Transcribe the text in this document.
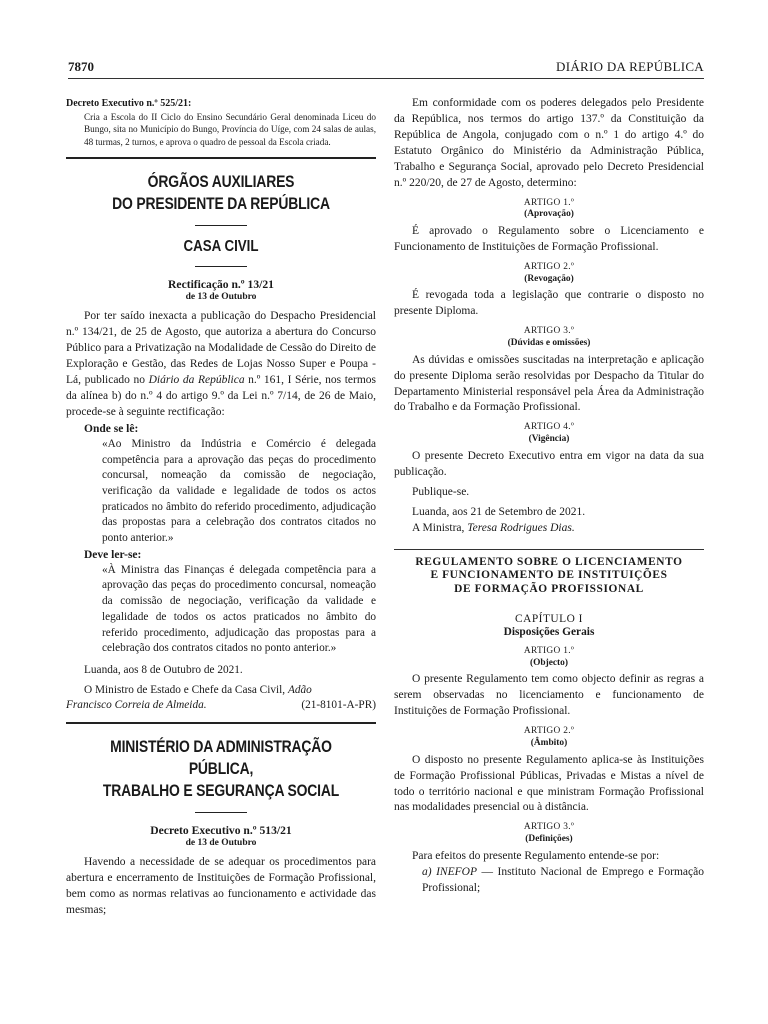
7870	DIÁRIO DA REPÚBLICA

Decreto Executivo n.º 525/21:

Cria a Escola do II Ciclo do Ensino Secundário Geral denominada Liceu do Bungo, sita no Município do Bungo, Província do Uíge, com 24 salas de aulas, 48 turmas, 2 turnos, e aprova o quadro de pessoal da Escola criada.

ÓRGÃOS AUXILIARES
DO PRESIDENTE DA REPÚBLICA
CASA CIVIL

Rectificação n.º 13/21

de 13 de Outubro

Por ter saído inexacta a publicação do Despacho Presidencial n.º 134/21, de 25 de Agosto, que autoriza a abertura do Concurso Público para a Privatização na Modalidade de Cessão do Direito de Exploração e Gestão, das Redes de Lojas Nosso Super e Poupa - Lá, publicado no Diário da República n.º 161, I Série, nos termos da alínea b) do n.º 4 do artigo 9.º da Lei n.º 7/14, de 26 de Maio, procede-se à seguinte rectificação:

Onde se lê:

«Ao Ministro da Indústria e Comércio é delegada competência para a aprovação das peças do procedimento concursal, nomeação da comissão de negociação, verificação da validade e legalidade de todos os actos praticados no âmbito do referido procedimento, adjudicação das propostas para a celebração dos contratos citados no ponto anterior.»

Deve ler-se:

«À Ministra das Finanças é delegada competência para a aprovação das peças do procedimento concursal, nomeação da comissão de negociação, verificação da validade e legalidade de todos os actos praticados no âmbito do referido procedimento, adjudicação das propostas para a celebração dos contratos citados no ponto anterior.»

Luanda, aos 8 de Outubro de 2021.

O Ministro de Estado e Chefe da Casa Civil, Adão

Francisco Correia de Almeida.	(21-8101-A-PR)
MINISTÉRIO DA ADMINISTRAÇÃO PÚBLICA,
TRABALHO E SEGURANÇA SOCIAL

Decreto Executivo n.º 513/21

de 13 de Outubro

Havendo a necessidade de se adequar os procedimentos para abertura e encerramento de Instituições de Formação Profissional, bem como as normas relativas ao funcionamento e actividade das mesmas;

Em conformidade com os poderes delegados pelo Presidente da República, nos termos do artigo 137.º da Constituição da República de Angola, conjugado com o n.º 1 do artigo 4.º do Estatuto Orgânico do Ministério da Administração Pública, Trabalho e Segurança Social, aprovado pelo Decreto Presidencial n.º 220/20, de 27 de Agosto, determino:

ARTIGO 1.º

(Aprovação)

É aprovado o Regulamento sobre o Licenciamento e Funcionamento de Instituições de Formação Profissional.

ARTIGO 2.º

(Revogação)

É revogada toda a legislação que contrarie o disposto no presente Diploma.

ARTIGO 3.º

(Dúvidas e omissões)

As dúvidas e omissões suscitadas na interpretação e aplicação do presente Diploma serão resolvidas por Despacho da Titular do Departamento Ministerial responsável pela Área da Administração do Trabalho e da Formação Profissional.

ARTIGO 4.º

(Vigência)

O presente Decreto Executivo entra em vigor na data da sua publicação.

Publique-se.

Luanda, aos 21 de Setembro de 2021.

A Ministra, Teresa Rodrigues Dias.

REGULAMENTO SOBRE O LICENCIAMENTO
E FUNCIONAMENTO DE INSTITUIÇÕES
DE FORMAÇÃO PROFISSIONAL

CAPÍTULO I

Disposições Gerais

ARTIGO 1.º

(Objecto)

O presente Regulamento tem como objecto definir as regras a serem observadas no licenciamento e funcionamento de Instituições de Formação Profissional.

ARTIGO 2.º

(Âmbito)

O disposto no presente Regulamento aplica-se às Instituições de Formação Profissional Públicas, Privadas e Mistas a nível de todo o território nacional e que ministram Formação Profissional nas modalidades presencial ou à distância.

ARTIGO 3.º

(Definições)

Para efeitos do presente Regulamento entende-se por:

a) INEFOP — Instituto Nacional de Emprego e Formação Profissional;
